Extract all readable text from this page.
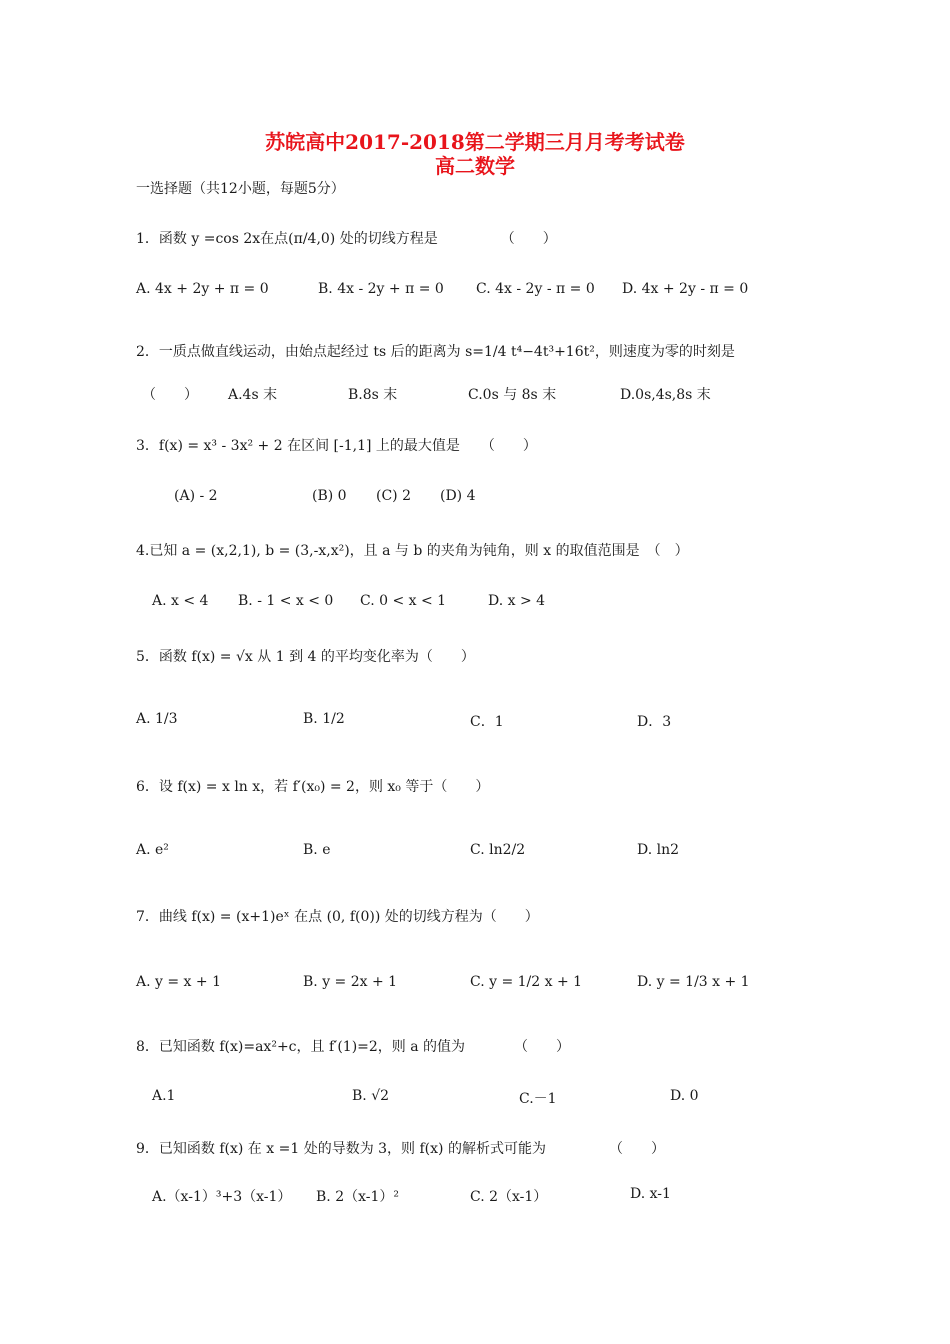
苏皖高中2017-2018第二学期三月月考考试卷
高二数学
一选择题（共12小题，每题5分）
1．函数 y =cos 2x在点(π/4,0) 处的切线方程是　　　　　（　　）
A. 4x + 2y + π = 0	B. 4x - 2y + π = 0 C. 4x - 2y - π = 0 D. 4x + 2y - π = 0
2．一质点做直线运动，由始点起经过 ts 后的距离为 s=1/4 t⁴−4t³+16t²，则速度为零的时刻是
（　　） A.4s 末	B.8s 末	C.0s 与 8s 末	D.0s,4s,8s 末
3．f(x) = x³ - 3x² + 2 在区间 [-1,1] 上的最大值是　　（　　）
(A) - 2	(B) 0 (C) 2 (D) 4
4.已知 a = (x,2,1), b = (3,-x,x²)，且 a 与 b 的夹角为钝角，则 x 的取值范围是　（　）
A. x < 4 B. - 1 < x < 0 C. 0 < x < 1	D. x > 4
5．函数 f(x) = √x 从 1 到 4 的平均变化率为（　　）
A. 1/3	B. 1/2	C．1	D．3
6．设 f(x) = x ln x，若 f′(x₀) = 2，则 x₀ 等于（　　）
A. e²	B. e	C. ln2/2	D. ln2
7．曲线 f(x) = (x+1)eˣ 在点 (0, f(0)) 处的切线方程为（　　）
A. y = x + 1	B. y = 2x + 1	C. y = 1/2 x + 1	D. y = 1/3 x + 1
8．已知函数 f(x)=ax²+c，且 f′(1)=2，则 a 的值为　　　　（　　）
A.1	B. √2	C.－1	D. 0
9．已知函数 f(x) 在 x =1 处的导数为 3，则 f(x) 的解析式可能为　　　　　（　　）
A.（x-1）³+3（x-1） B. 2（x-1）²	C. 2（x-1）	D. x-1
